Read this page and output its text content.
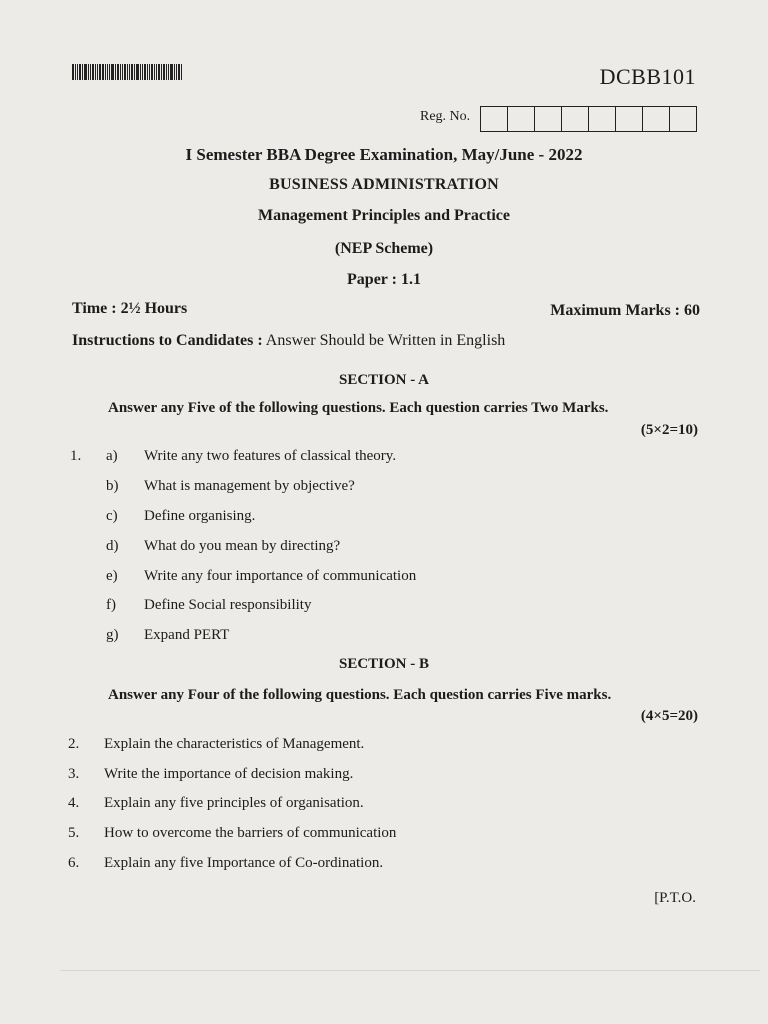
DCBB101
Reg. No.
I Semester BBA Degree Examination, May/June - 2022
BUSINESS ADMINISTRATION
Management Principles and Practice
(NEP Scheme)
Paper : 1.1
Time : 2½ Hours	Maximum Marks : 60
Instructions to Candidates : Answer Should be Written in English
SECTION - A
Answer any Five of the following questions. Each question carries Two Marks.
(5×2=10)
1. a) Write any two features of classical theory.
b) What is management by objective?
c) Define organising.
d) What do you mean by directing?
e) Write any four importance of communication
f) Define Social responsibility
g) Expand PERT
SECTION - B
Answer any Four of the following questions. Each question carries Five marks.
(4×5=20)
2. Explain the characteristics of Management.
3. Write the importance of decision making.
4. Explain any five principles of organisation.
5. How to overcome the barriers of communication
6. Explain any five Importance of Co-ordination.
[P.T.O.
